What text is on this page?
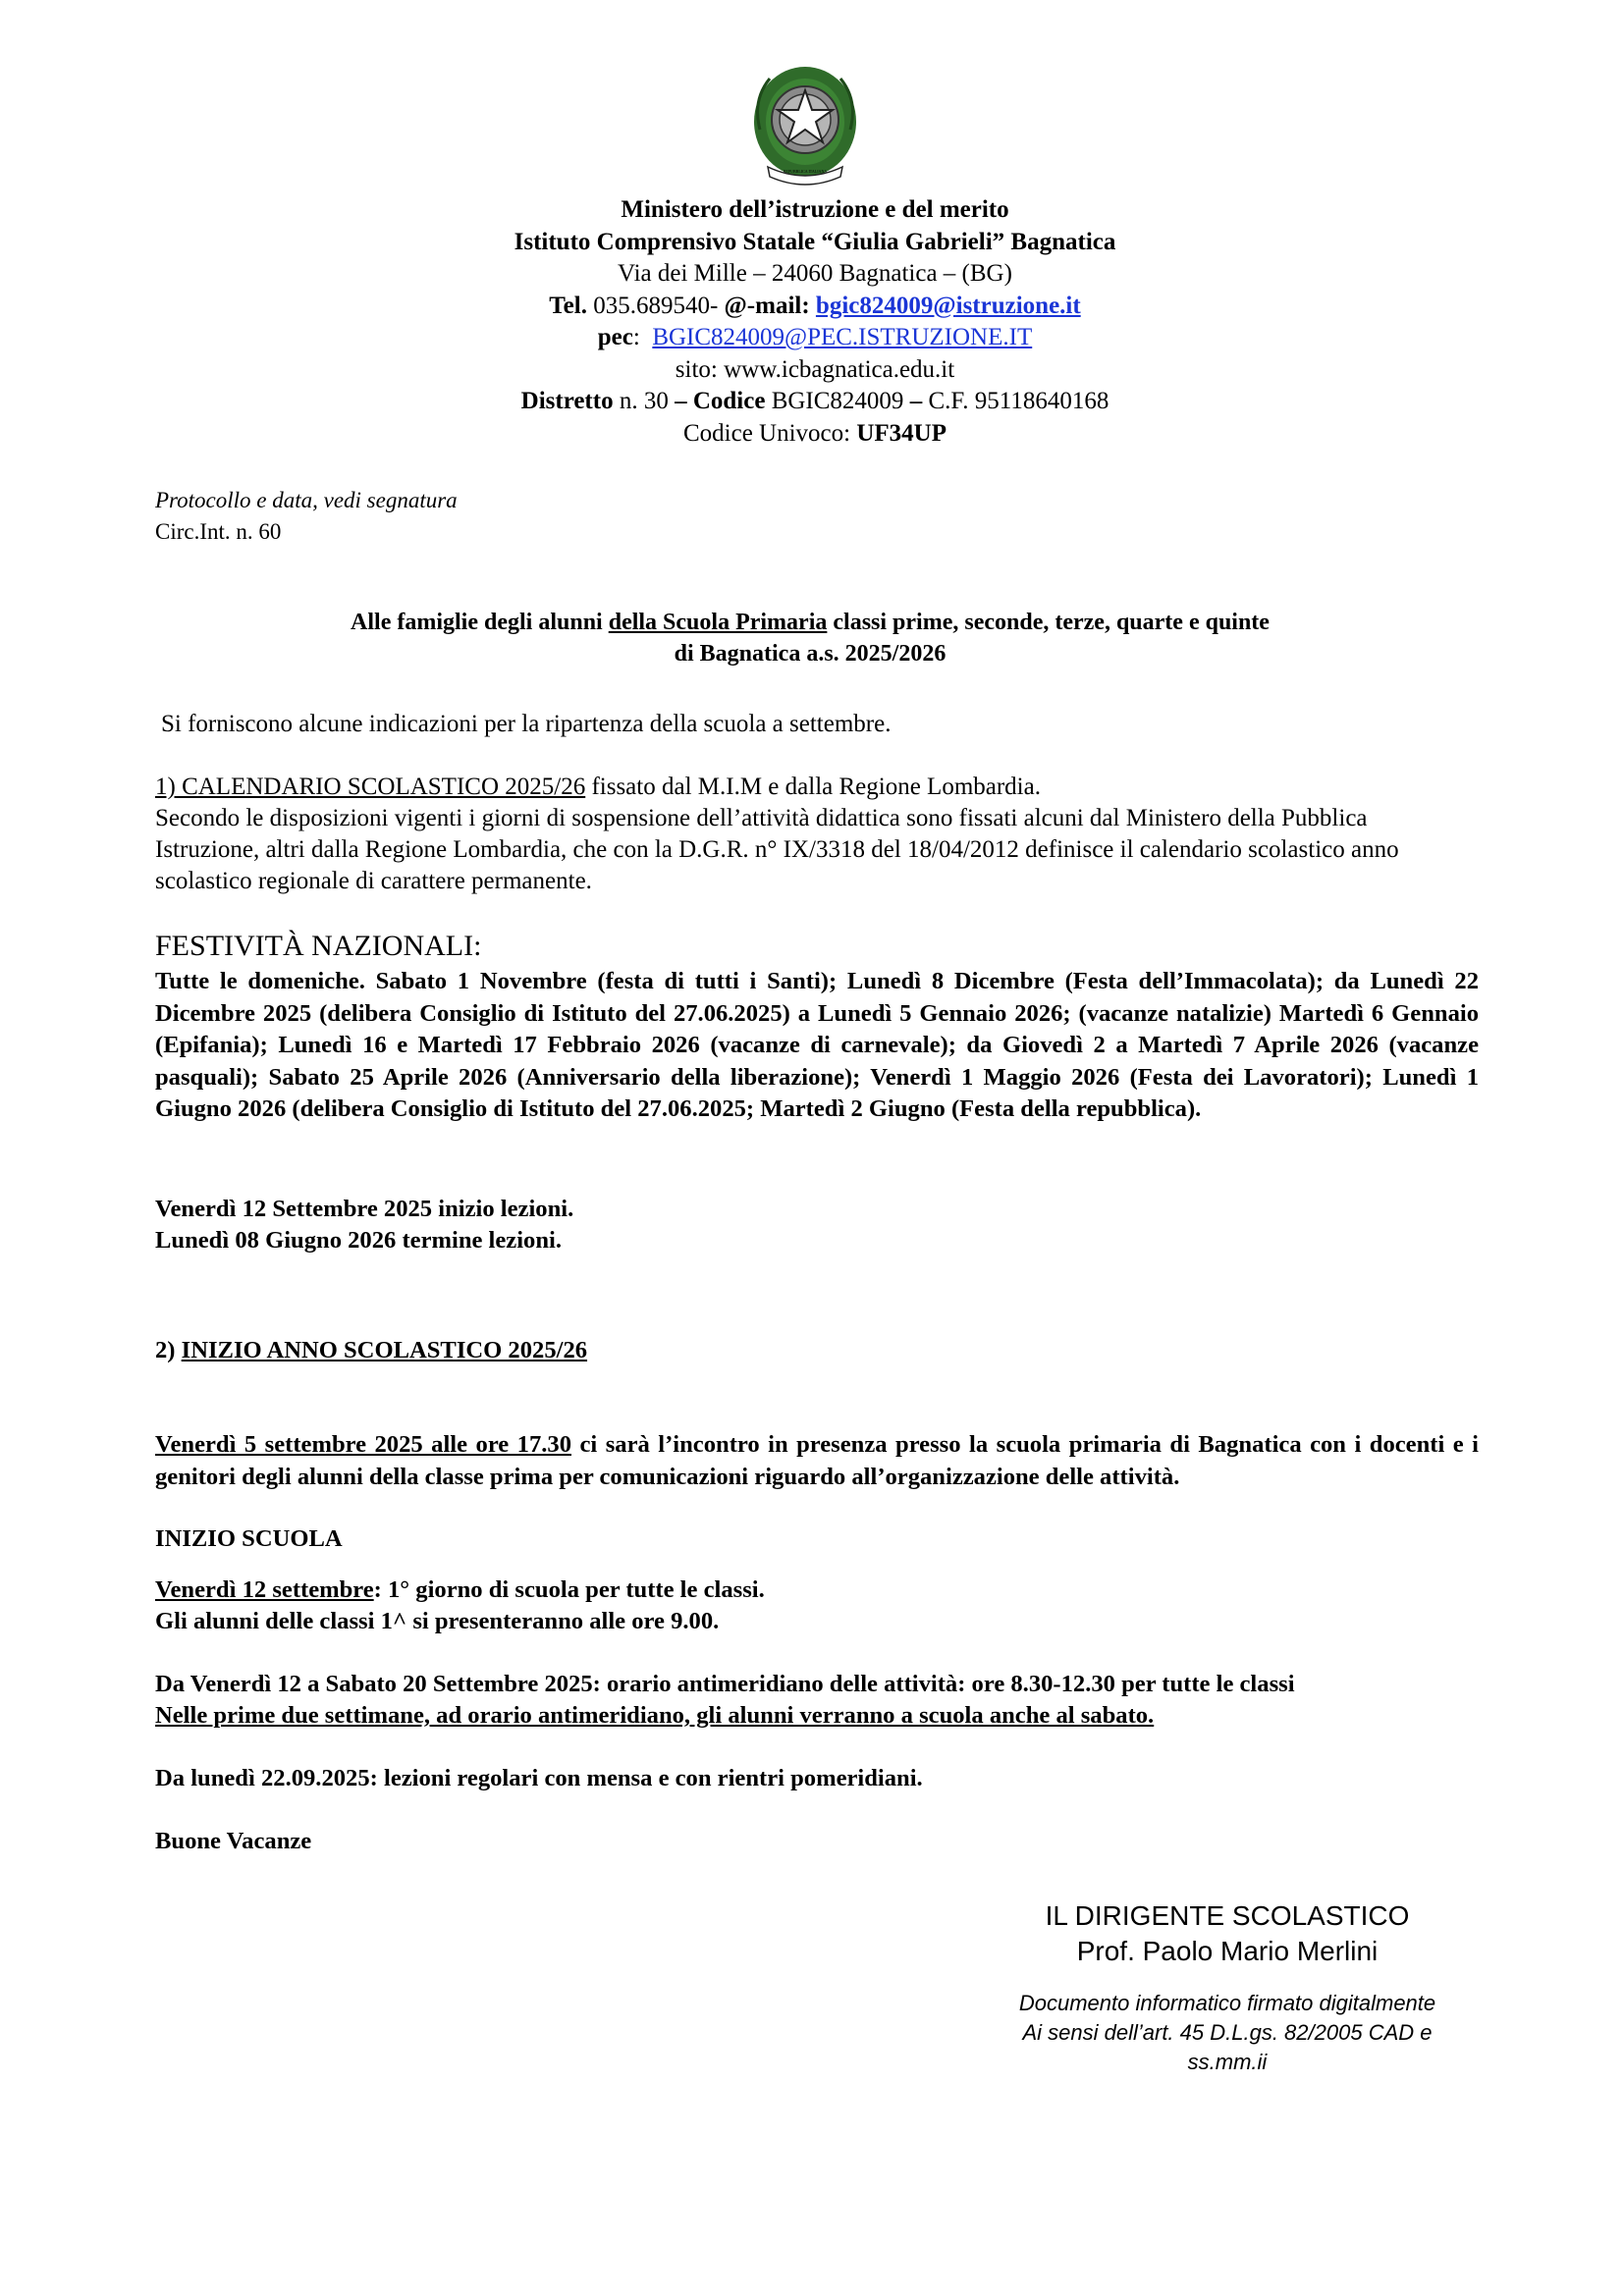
REPUBBLICA ITALIANA
Ministero dell’istruzione e del merito
Istituto Comprensivo Statale “Giulia Gabrieli” Bagnatica
Via dei Mille – 24060 Bagnatica – (BG)
Tel. 035.689540- @-mail: bgic824009@istruzione.it
pec:  BGIC824009@PEC.ISTRUZIONE.IT
sito: www.icbagnatica.edu.it
Distretto n. 30 – Codice BGIC824009 – C.F. 95118640168
Codice Univoco: UF34UP
Protocollo e data, vedi segnatura
Circ.Int. n. 60
Alle famiglie degli alunni della Scuola Primaria classi prime, seconde, terze, quarte e quinte
di Bagnatica a.s. 2025/2026
Si forniscono alcune indicazioni per la ripartenza della scuola a settembre.
1) CALENDARIO SCOLASTICO 2025/26 fissato dal M.I.M e dalla Regione Lombardia.
Secondo le disposizioni vigenti i giorni di sospensione dell’attività didattica sono fissati alcuni dal Ministero della Pubblica Istruzione, altri dalla Regione Lombardia, che con la D.G.R. n° IX/3318 del 18/04/2012 definisce il calendario scolastico anno scolastico regionale di carattere permanente.
FESTIVITÀ NAZIONALI:
Tutte le domeniche. Sabato 1 Novembre (festa di tutti i Santi); Lunedì 8 Dicembre (Festa dell’Immacolata); da Lunedì 22 Dicembre 2025 (delibera Consiglio di Istituto del 27.06.2025) a Lunedì 5 Gennaio 2026; (vacanze natalizie) Martedì 6 Gennaio (Epifania); Lunedì 16 e Martedì 17 Febbraio 2026 (vacanze di carnevale); da Giovedì 2 a Martedì 7 Aprile 2026 (vacanze pasquali); Sabato 25 Aprile 2026 (Anniversario della liberazione); Venerdì 1 Maggio 2026 (Festa dei Lavoratori); Lunedì 1 Giugno 2026 (delibera Consiglio di Istituto del 27.06.2025; Martedì 2 Giugno (Festa della repubblica).
Venerdì 12 Settembre 2025 inizio lezioni.
Lunedì 08 Giugno 2026 termine lezioni.
2) INIZIO ANNO SCOLASTICO 2025/26
Venerdì 5 settembre 2025 alle ore 17.30 ci sarà l’incontro in presenza presso la scuola primaria di Bagnatica con i docenti e i genitori degli alunni della classe prima per comunicazioni riguardo all’organizzazione delle attività.
INIZIO SCUOLA
Venerdì 12 settembre: 1° giorno di scuola per tutte le classi.
Gli alunni delle classi 1^ si presenteranno alle ore 9.00.
Da Venerdì 12 a Sabato 20 Settembre 2025: orario antimeridiano delle attività: ore 8.30-12.30 per tutte le classi
Nelle prime due settimane, ad orario antimeridiano, gli alunni verranno a scuola anche al sabato.
Da lunedì 22.09.2025: lezioni regolari con mensa e con rientri pomeridiani.
Buone Vacanze
IL DIRIGENTE SCOLASTICO
Prof. Paolo Mario Merlini
Documento informatico firmato digitalmente
Ai sensi dell’art. 45 D.L.gs. 82/2005 CAD e
ss.mm.ii
